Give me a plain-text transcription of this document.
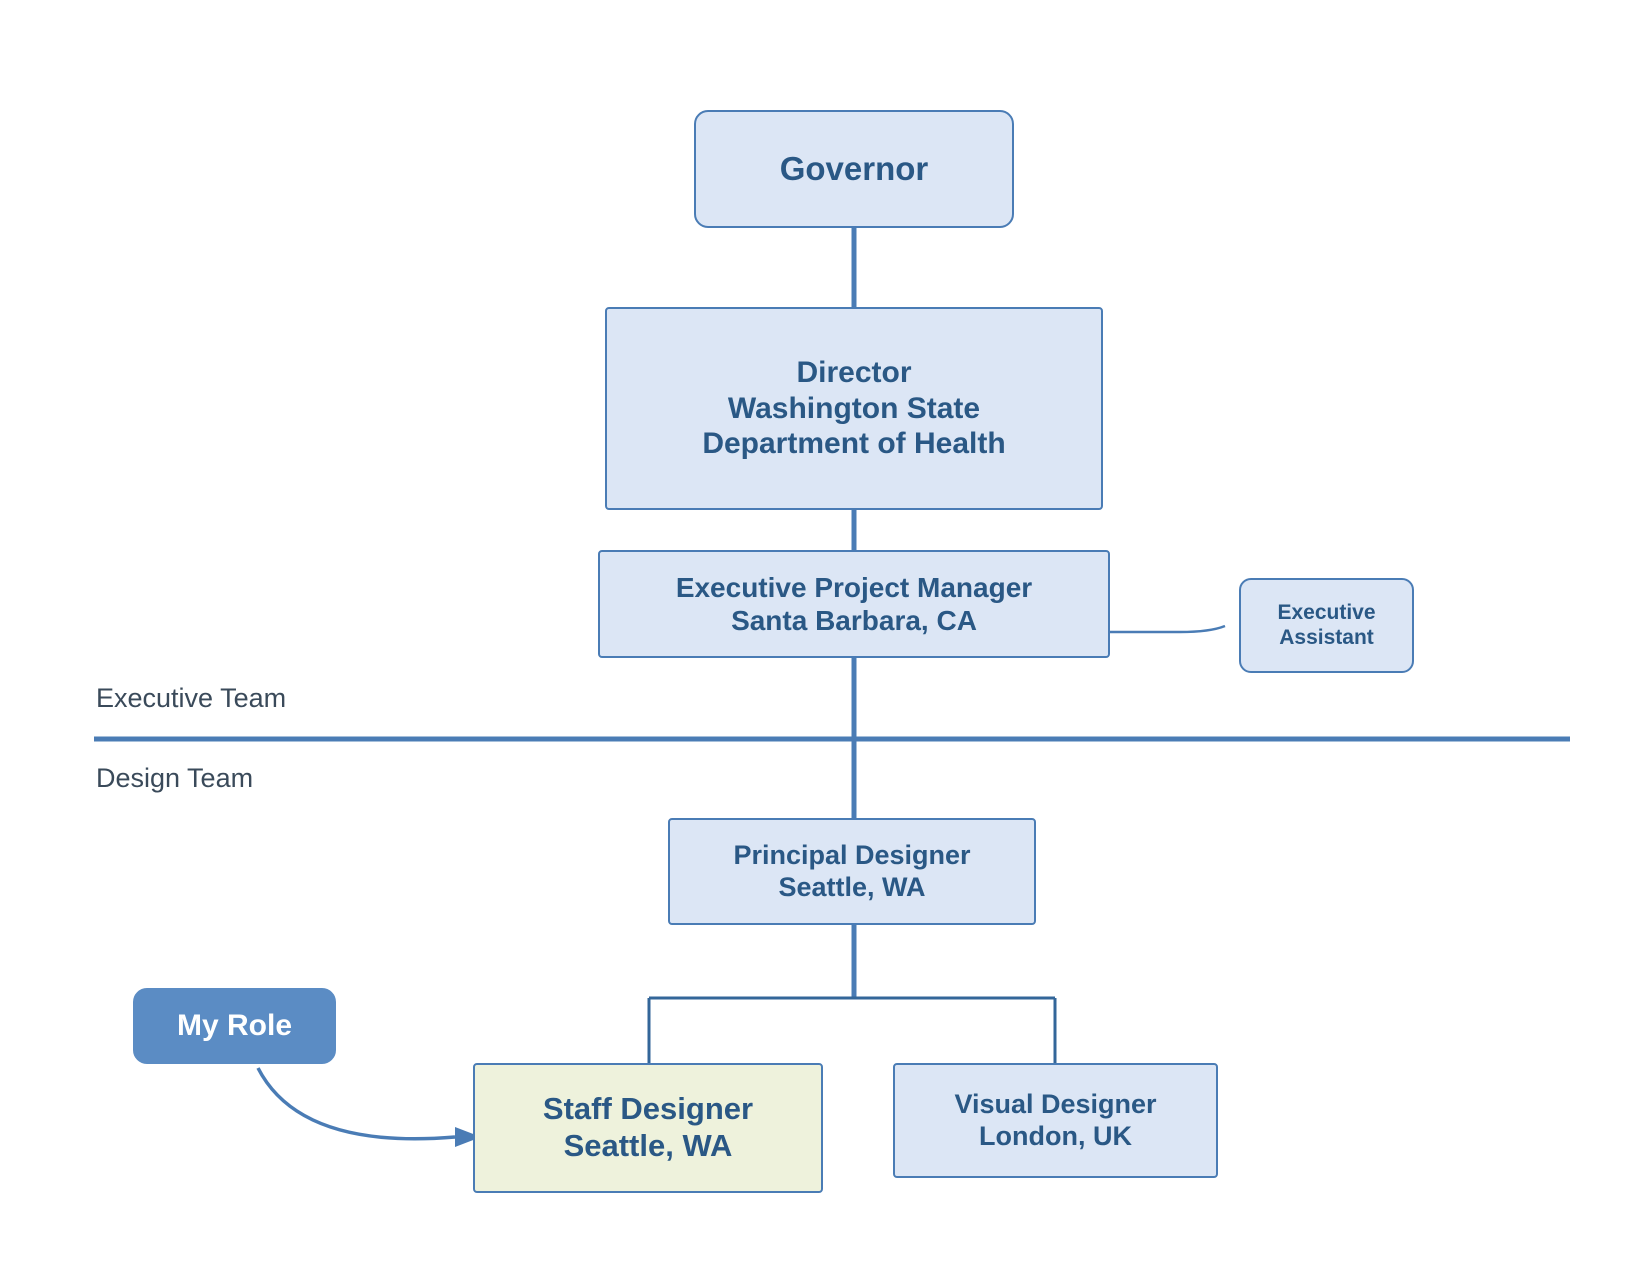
Governor
Director
Washington State
Department of Health
Executive Project Manager
Santa Barbara, CA	Executive
Assistant
Principal Designer
Seattle, WA
Staff Designer
Seattle, WA
Visual Designer
London, UK
My Role
Executive Team
Design Team
